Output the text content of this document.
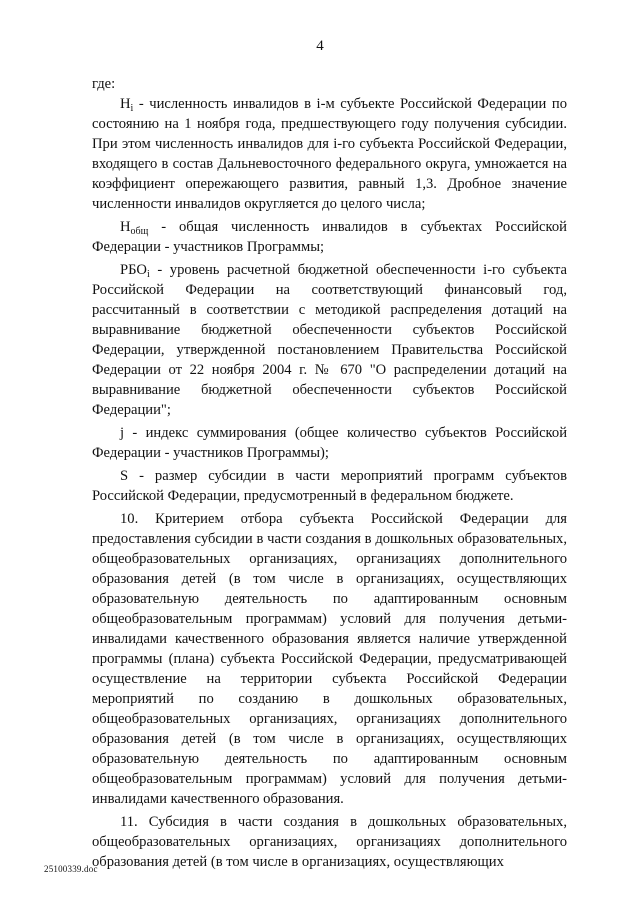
4

где:

$Н_i$ - численность инвалидов в i-м субъекте Российской Федерации по состоянию на 1 ноября года, предшествующего году получения субсидии. При этом численность инвалидов для i-го субъекта Российской Федерации, входящего в состав Дальневосточного федерального округа, умножается на коэффициент опережающего развития, равный 1,3. Дробное значение численности инвалидов округляется до целого числа;

$Н_{общ}$ - общая численность инвалидов в субъектах Российской Федерации - участников Программы;

$РБО_i$ - уровень расчетной бюджетной обеспеченности i-го субъекта Российской Федерации на соответствующий финансовый год, рассчитанный в соответствии с методикой распределения дотаций на выравнивание бюджетной обеспеченности субъектов Российской Федерации, утвержденной постановлением Правительства Российской Федерации от 22 ноября 2004 г. № 670 "О распределении дотаций на выравнивание бюджетной обеспеченности субъектов Российской Федерации";

j - индекс суммирования (общее количество субъектов Российской Федерации - участников Программы);

S - размер субсидии в части мероприятий программ субъектов Российской Федерации, предусмотренный в федеральном бюджете.

10. Критерием отбора субъекта Российской Федерации для предоставления субсидии в части создания в дошкольных образовательных, общеобразовательных организациях, организациях дополнительного образования детей (в том числе в организациях, осуществляющих образовательную деятельность по адаптированным основным общеобразовательным программам) условий для получения детьми-инвалидами качественного образования является наличие утвержденной программы (плана) субъекта Российской Федерации, предусматривающей осуществление на территории субъекта Российской Федерации мероприятий по созданию в дошкольных образовательных, общеобразовательных организациях, организациях дополнительного образования детей (в том числе в организациях, осуществляющих образовательную деятельность по адаптированным основным общеобразовательным программам) условий для получения детьми-инвалидами качественного образования.

11. Субсидия в части создания в дошкольных образовательных, общеобразовательных организациях, организациях дополнительного образования детей (в том числе в организациях, осуществляющих

25100339.doc
